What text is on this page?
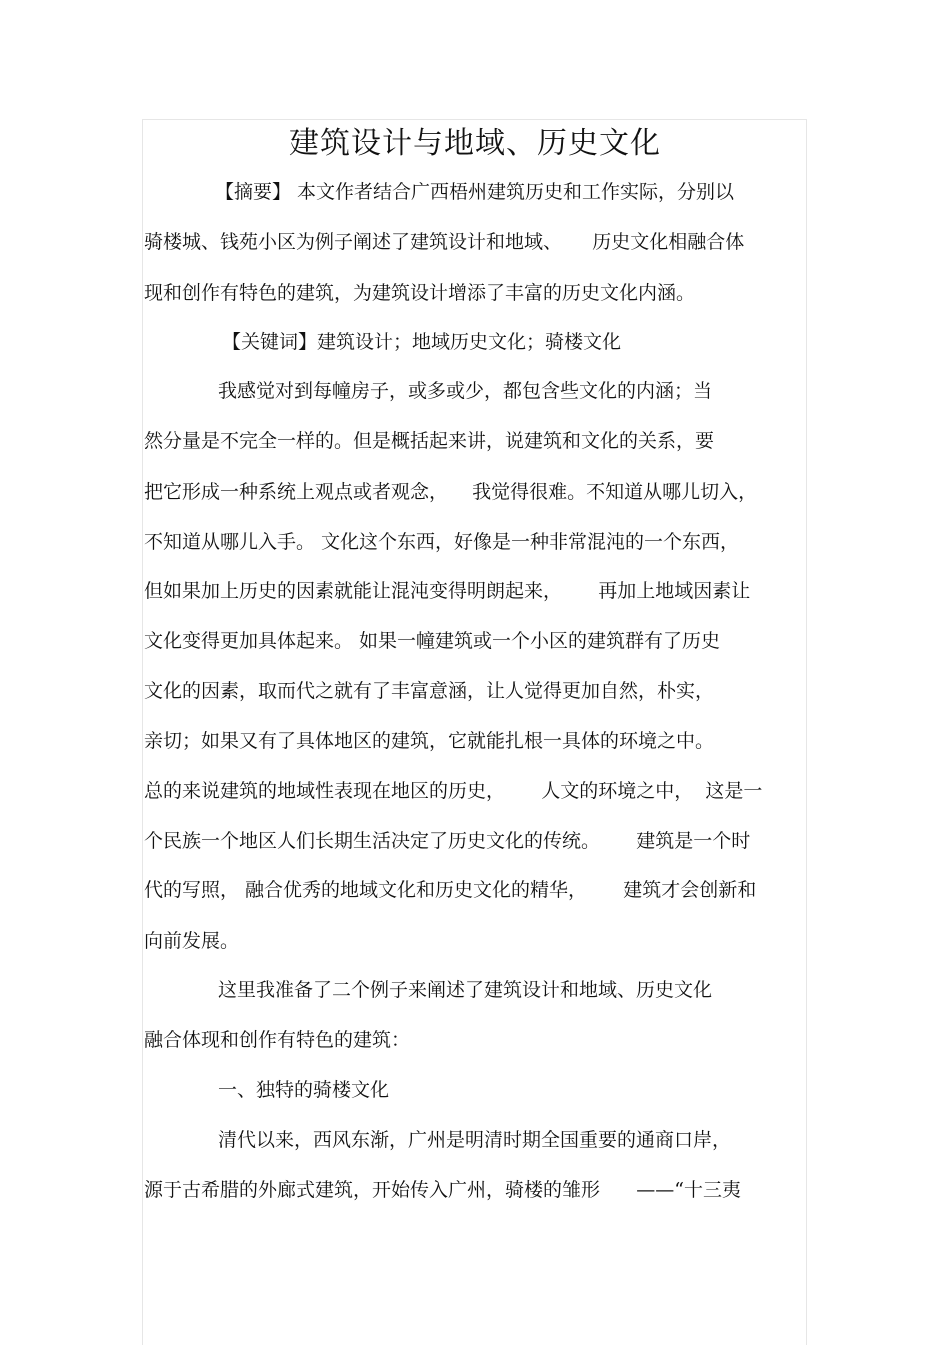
建筑设计与地域、历史文化

【摘要】 本文作者结合广西梧州建筑历史和工作实际，分别以

骑楼城、钱苑小区为例子阐述了建筑设计和地域、     历史文化相融合体

现和创作有特色的建筑，为建筑设计增添了丰富的历史文化内涵。

【关键词】建筑设计；地域历史文化；骑楼文化

我感觉对到每幢房子，或多或少，都包含些文化的内涵；当

然分量是不完全一样的。但是概括起来讲，说建筑和文化的关系，要

把它形成一种系统上观点或者观念，    我觉得很难。不知道从哪儿切入，

不知道从哪儿入手。 文化这个东西，好像是一种非常混沌的一个东西，

但如果加上历史的因素就能让混沌变得明朗起来，      再加上地域因素让

文化变得更加具体起来。 如果一幢建筑或一个小区的建筑群有了历史

文化的因素，取而代之就有了丰富意涵，让人觉得更加自然，朴实，

亲切；如果又有了具体地区的建筑，它就能扎根一具体的环境之中。

总的来说建筑的地域性表现在地区的历史，      人文的环境之中，  这是一

个民族一个地区人们长期生活决定了历史文化的传统。      建筑是一个时

代的写照， 融合优秀的地域文化和历史文化的精华，      建筑才会创新和

向前发展。

这里我准备了二个例子来阐述了建筑设计和地域、历史文化

融合体现和创作有特色的建筑：

一、独特的骑楼文化

清代以来，西风东渐，广州是明清时期全国重要的通商口岸，

源于古希腊的外廊式建筑，开始传入广州，骑楼的雏形      ——“十三夷
